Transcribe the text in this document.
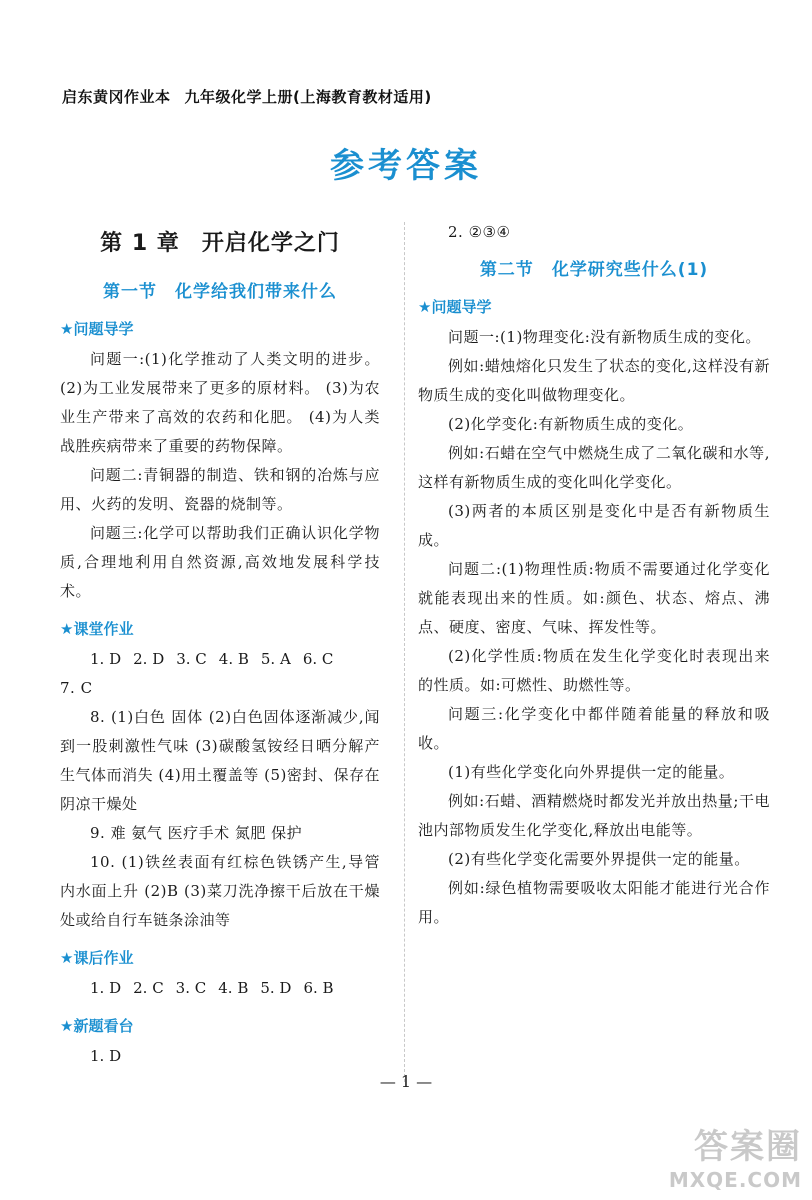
启东黄冈作业本 九年级化学上册(上海教育教材适用)
参考答案
第 1 章 开启化学之门
第一节 化学给我们带来什么
★问题导学

问题一:(1)化学推动了人类文明的进步。 (2)为工业发展带来了更多的原材料。 (3)为农业生产带来了高效的农药和化肥。 (4)为人类战胜疾病带来了重要的药物保障。

问题二:青铜器的制造、铁和钢的冶炼与应用、火药的发明、瓷器的烧制等。

问题三:化学可以帮助我们正确认识化学物质,合理地利用自然资源,高效地发展科学技术。

★课堂作业

1. D 2. D 3. C 4. B 5. A 6. C

7. C

8. (1)白色 固体 (2)白色固体逐渐减少,闻到一股刺激性气味 (3)碳酸氢铵经日晒分解产生气体而消失 (4)用土覆盖等 (5)密封、保存在阴凉干燥处

9. 难 氨气 医疗手术 氮肥 保护

10. (1)铁丝表面有红棕色铁锈产生,导管内水面上升 (2)B (3)菜刀洗净擦干后放在干燥处或给自行车链条涂油等

★课后作业

1. D 2. C 3. C 4. B 5. D 6. B

★新题看台

1. D

2. ②③④

第二节 化学研究些什么(1)
★问题导学

问题一:(1)物理变化:没有新物质生成的变化。

例如:蜡烛熔化只发生了状态的变化,这样没有新物质生成的变化叫做物理变化。

(2)化学变化:有新物质生成的变化。

例如:石蜡在空气中燃烧生成了二氧化碳和水等,这样有新物质生成的变化叫化学变化。

(3)两者的本质区别是变化中是否有新物质生成。

问题二:(1)物理性质:物质不需要通过化学变化就能表现出来的性质。如:颜色、状态、熔点、沸点、硬度、密度、气味、挥发性等。

(2)化学性质:物质在发生化学变化时表现出来的性质。如:可燃性、助燃性等。

问题三:化学变化中都伴随着能量的释放和吸收。

(1)有些化学变化向外界提供一定的能量。

例如:石蜡、酒精燃烧时都发光并放出热量;干电池内部物质发生化学变化,释放出电能等。

(2)有些化学变化需要外界提供一定的能量。

例如:绿色植物需要吸收太阳能才能进行光合作用。

— 1 —
答案圈
MXQE.COM
